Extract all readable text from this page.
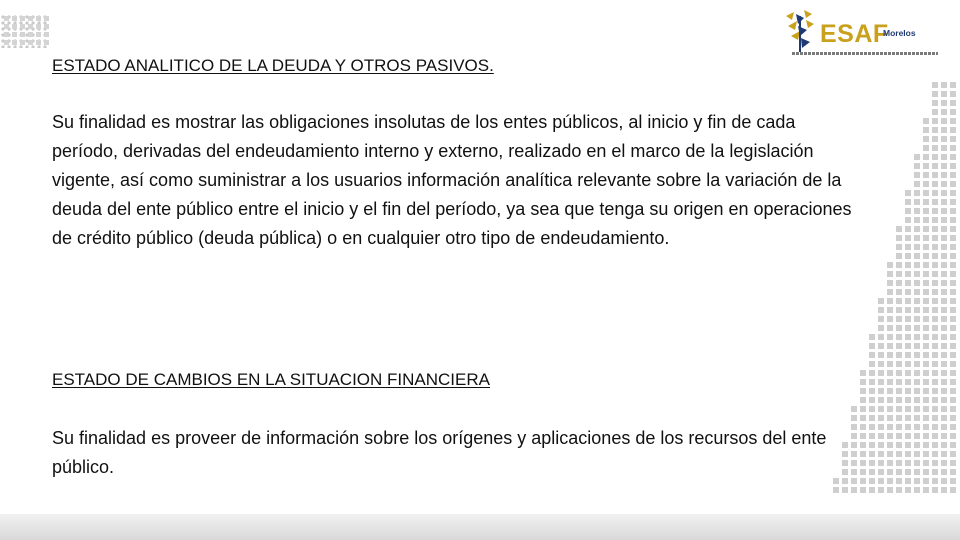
ESAF
Morelos
ESTADO ANALITICO DE LA DEUDA Y OTROS PASIVOS.
Su finalidad es mostrar las obligaciones insolutas de los entes públicos, al inicio y fin de cada período, derivadas del endeudamiento interno y externo, realizado en el marco de la legislación vigente, así como suministrar a los usuarios información analítica relevante sobre la variación de la deuda del ente público entre el inicio y el fin del período, ya sea que tenga su origen en operaciones de crédito público (deuda pública) o en cualquier otro tipo de endeudamiento.
ESTADO DE CAMBIOS EN LA SITUACION FINANCIERA
Su finalidad es proveer de información sobre los orígenes y aplicaciones de los recursos del ente público.
